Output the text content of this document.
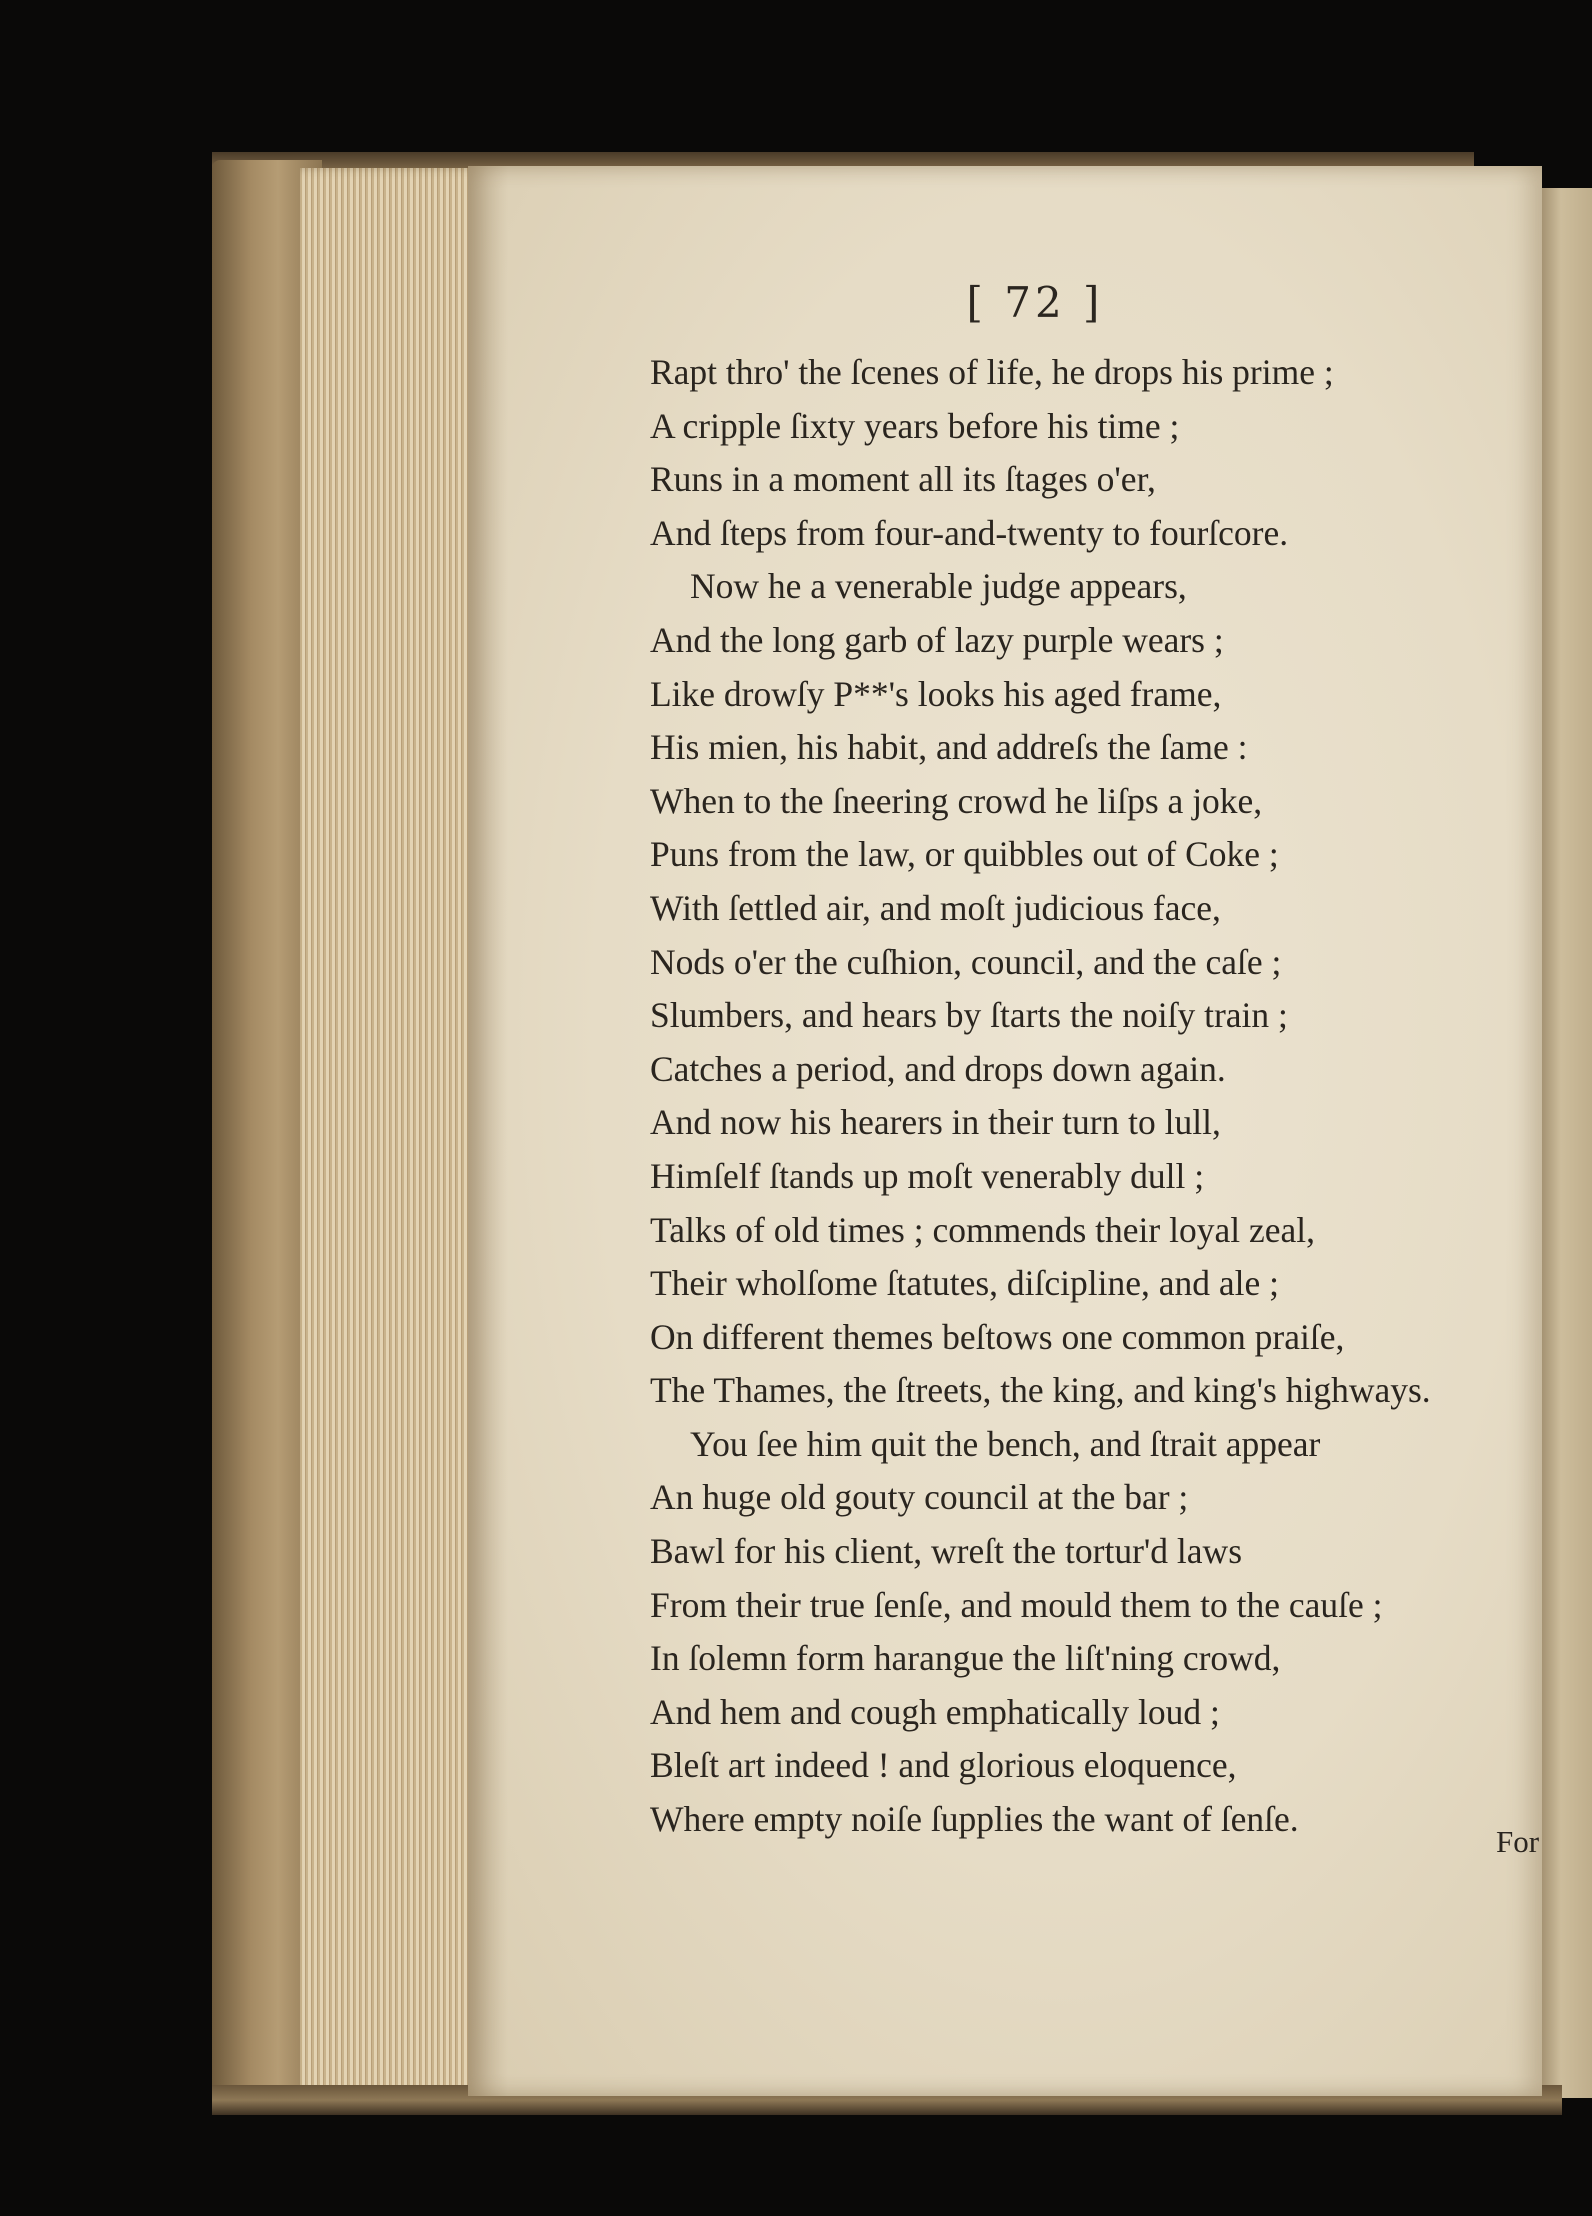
[ 72 ]
Rapt thro' the ſcenes of life, he drops his prime ;
A cripple ſixty years before his time ;
Runs in a moment all its ſtages o'er,
And ſteps from four-and-twenty to fourſcore.
Now he a venerable judge appears,
And the long garb of lazy purple wears ;
Like drowſy P**'s looks his aged frame,
His mien, his habit, and addreſs the ſame :
When to the ſneering crowd he liſps a joke,
Puns from the law, or quibbles out of Coke ;
With ſettled air, and moſt judicious face,
Nods o'er the cuſhion, council, and the caſe ;
Slumbers, and hears by ſtarts the noiſy train ;
Catches a period, and drops down again.
And now his hearers in their turn to lull,
Himſelf ſtands up moſt venerably dull ;
Talks of old times ; commends their loyal zeal,
Their wholſome ſtatutes, diſcipline, and ale ;
On different themes beſtows one common praiſe,
The Thames, the ſtreets, the king, and king's highways.
You ſee him quit the bench, and ſtrait appear
An huge old gouty council at the bar ;
Bawl for his client, wreſt the tortur'd laws
From their true ſenſe, and mould them to the cauſe ;
In ſolemn form harangue the liſt'ning crowd,
And hem and cough emphatically loud ;
Bleſt art indeed ! and glorious eloquence,
Where empty noiſe ſupplies the want of ſenſe.
For
